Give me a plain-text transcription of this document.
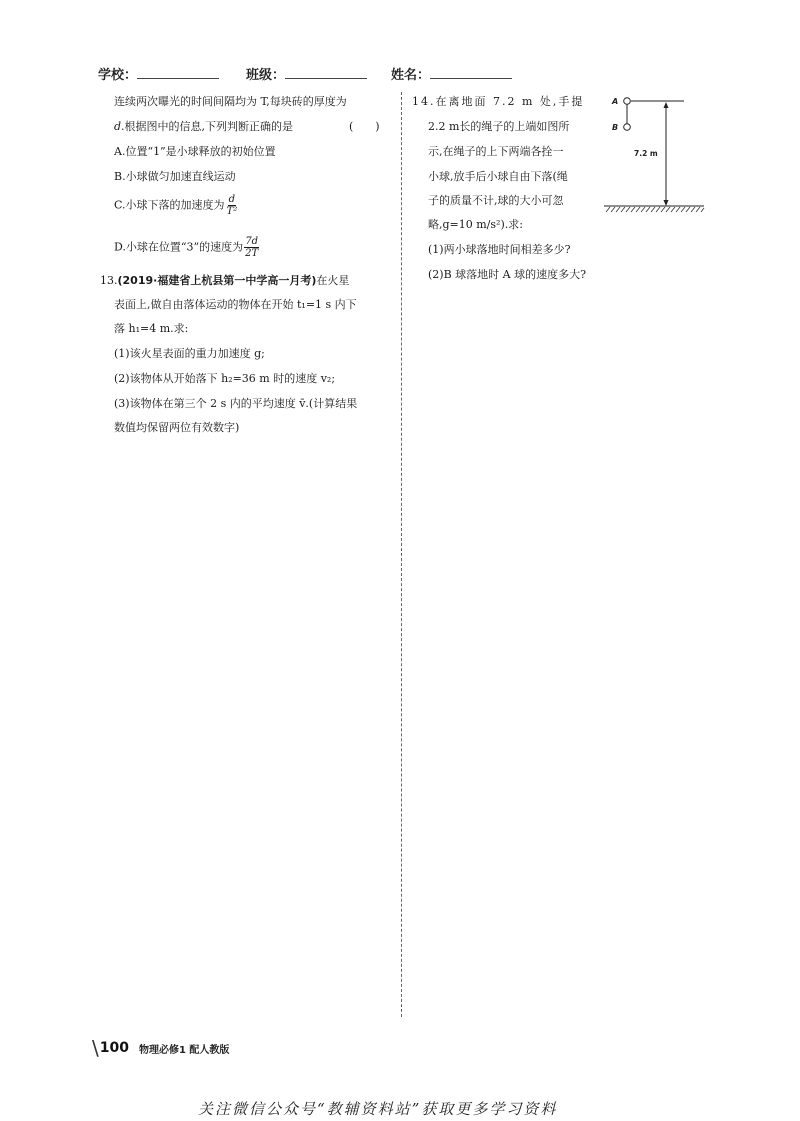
学校：	班级：	姓名：
连续两次曝光的时间间隔均为 T,每块砖的厚度为
d.根据图中的信息,下列判断正确的是	(　　)
A.位置“1”是小球释放的初始位置
B.小球做匀加速直线运动
C.小球下落的加速度为 $\frac{d}{\text{T²}}$
D.小球在位置“3”的速度为 $\frac{7d}{2T}$
13.(2019·福建省上杭县第一中学高一月考)在火星
表面上,做自由落体运动的物体在开始 t₁=1 s 内下
落 h₁=4 m.求:
(1)该火星表面的重力加速度 g;
(2)该物体从开始落下 h₂=36 m 时的速度 v₂;
(3)该物体在第三个 2 s 内的平均速度 v̄.(计算结果
数值均保留两位有效数字)
14.在离地面 7.2 m 处,手提
2.2 m长的绳子的上端如图所
示,在绳子的上下两端各拴一
小球,放手后小球自由下落(绳
子的质量不计,球的大小可忽
略,g=10 m/s²).求:
(1)两小球落地时间相差多少?
(2)B 球落地时 A 球的速度多大?
A
B
7.2 m
\ 100 物理必修1 配人教版
关注微信公众号“教辅资料站”获取更多学习资料
